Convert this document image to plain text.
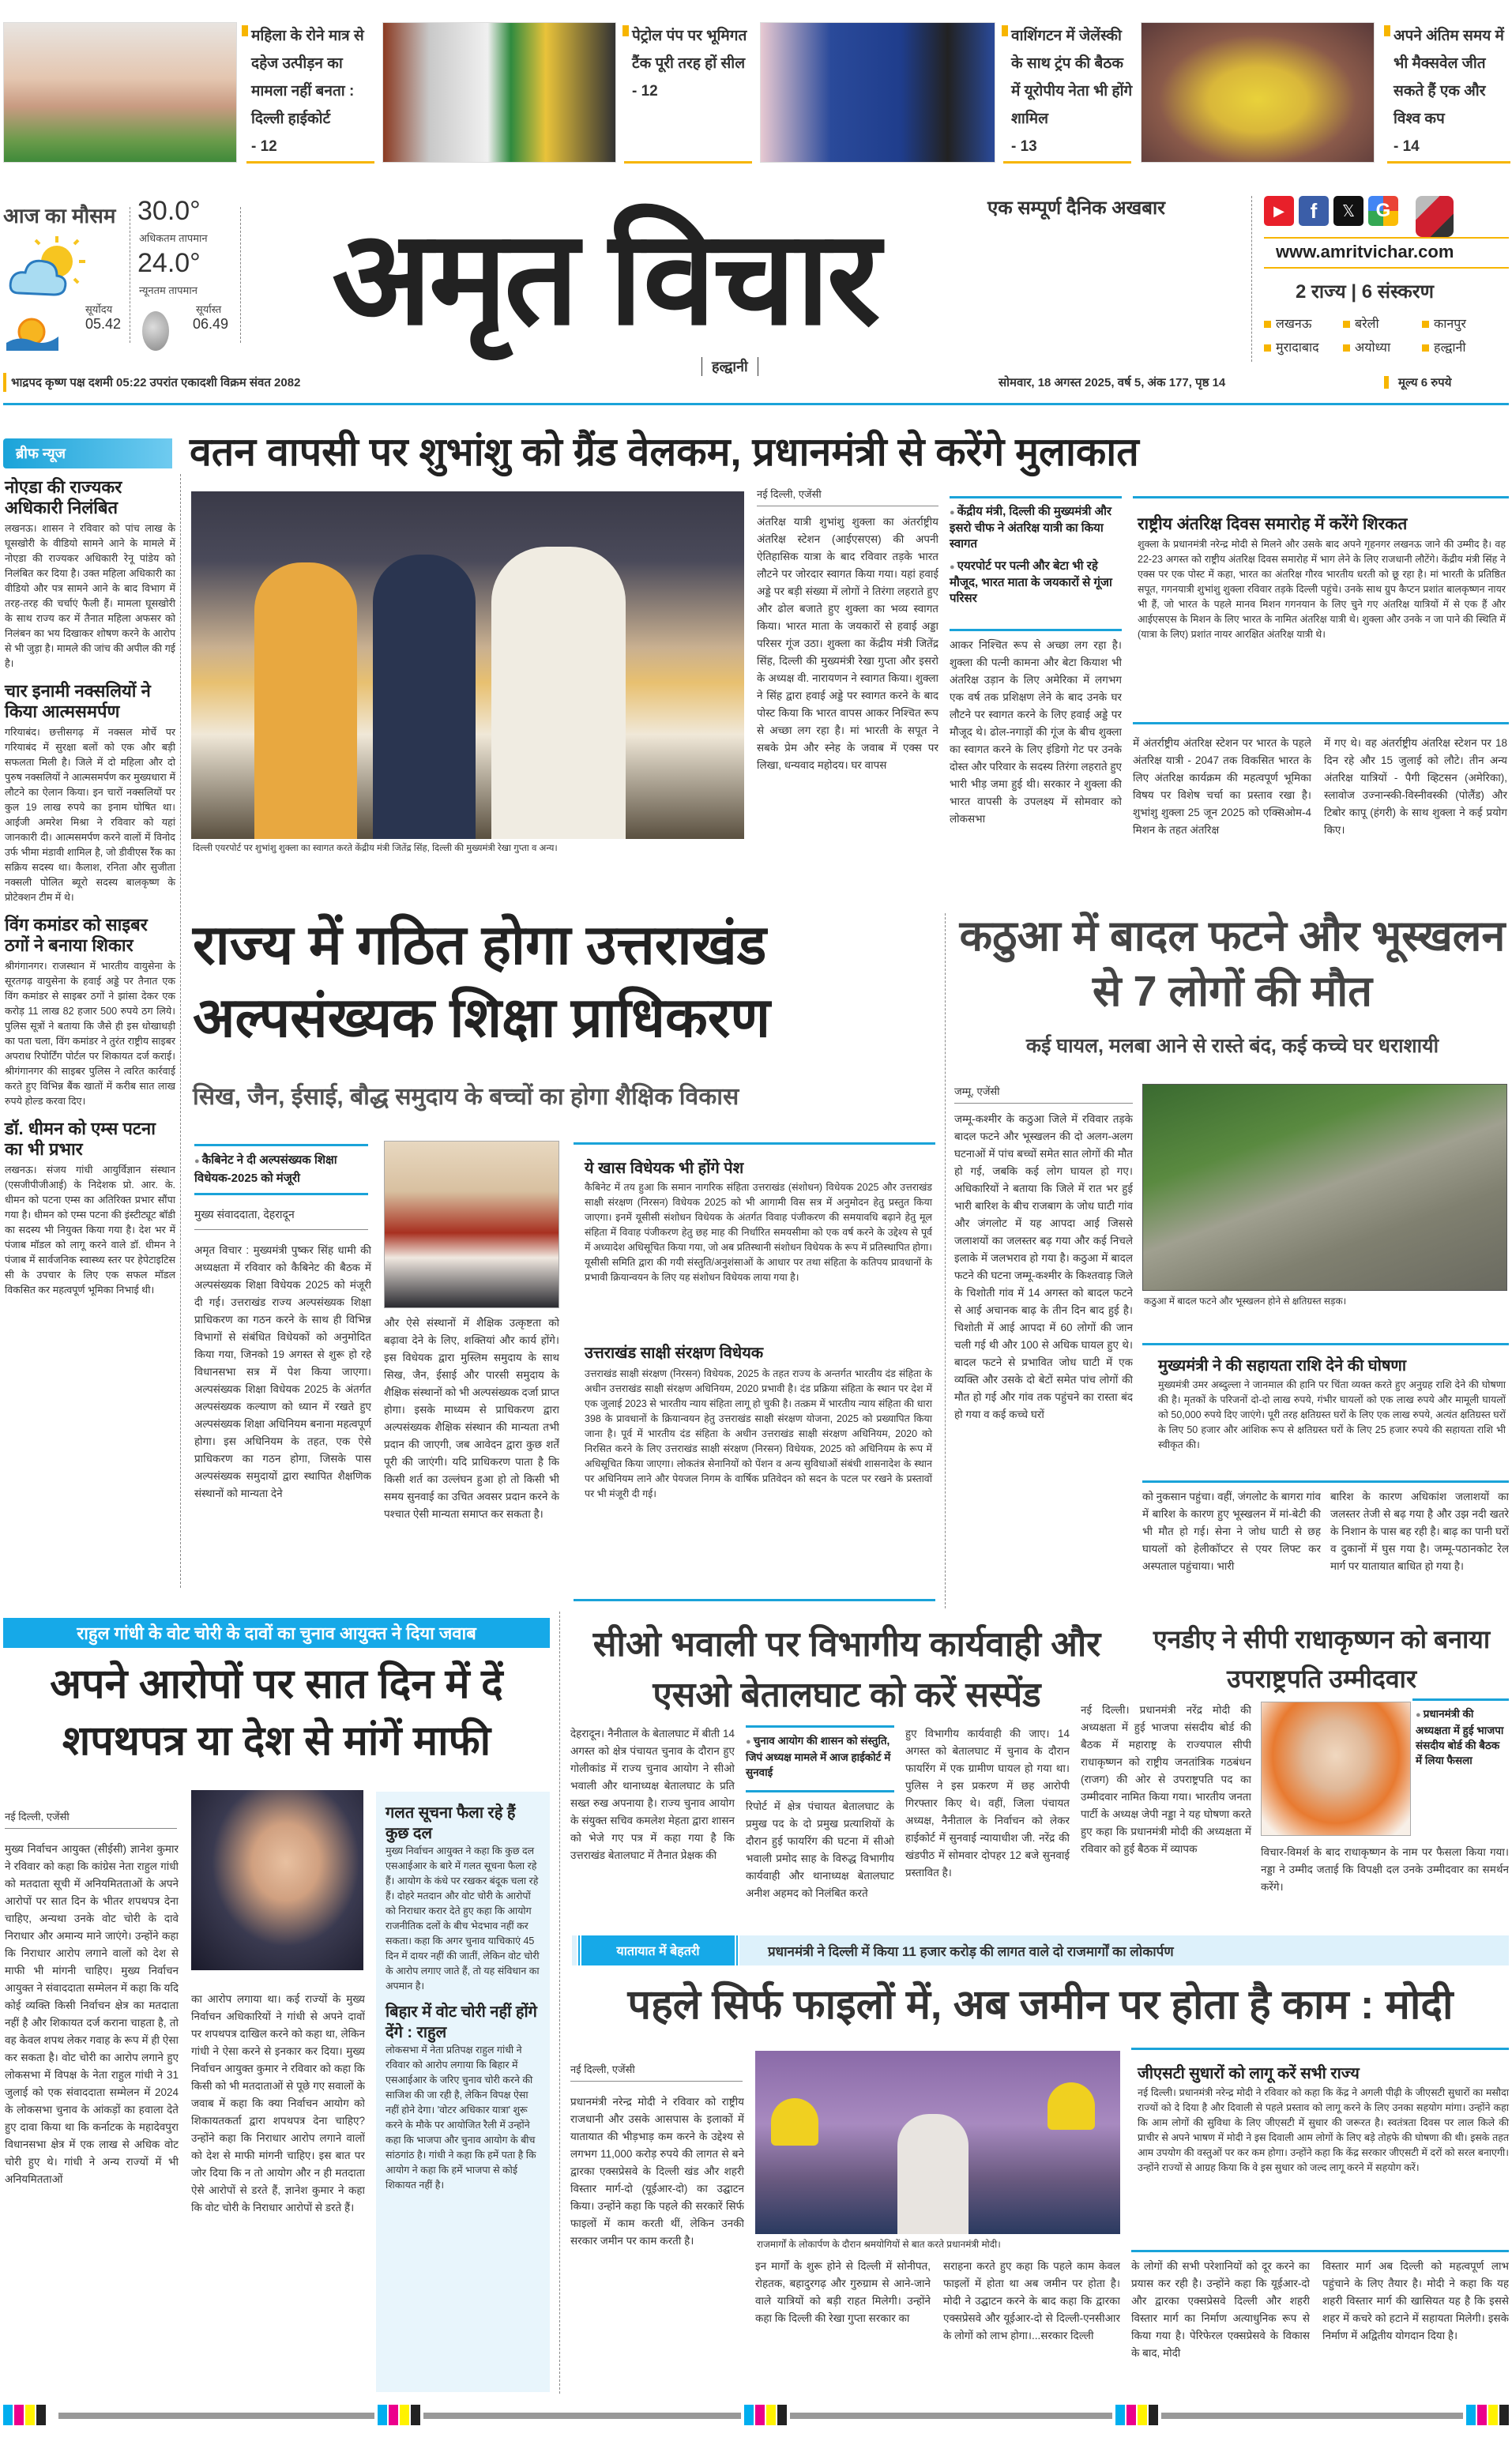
महिला के रोने मात्र से दहेज उत्पीड़न का मामला नहीं बनता : दिल्ली हाईकोर्ट
- 12
पेट्रोल पंप पर भूमिगत टैंक पूरी तरह हों सील
- 12
वाशिंगटन में जेलेंस्की के साथ ट्रंप की बैठक में यूरोपीय नेता भी होंगे शामिल
- 13
अपने अंतिम समय में भी मैक्सवेल जीत सकते हैं एक और विश्व कप
- 14
आज का मौसम 30.0°
अधिकतम तापमान
24.0°
न्यूनतम तापमान
सूर्योदय
05.42
सूर्यास्त
06.49
एक सम्पूर्ण दैनिक अखबार
अमृत विचार
हल्द्वानी
▶	f	𝕏	G
www.amritvichar.com
2 राज्य | 6 संस्करण
लखनऊ	बरेली	कानपुर
मुरादाबाद	अयोध्या	हल्द्वानी
भाद्रपद कृष्ण पक्ष दशमी 05:22 उपरांत एकादशी विक्रम संवत 2082	सोमवार, 18 अगस्त 2025, वर्ष 5, अंक 177, पृष्ठ 14	मूल्य 6 रुपये
ब्रीफ न्यूज
नोएडा की राज्यकर अधिकारी निलंबित
लखनऊ। शासन ने रविवार को पांच लाख के घूसखोरी के वीडियो सामने आने के मामले में नोएडा की राज्यकर अधिकारी रेनू पांडेय को निलंबित कर दिया है। उक्त महिला अधिकारी का वीडियो और पत्र सामने आने के बाद विभाग में तरह-तरह की चर्चाएं फैली हैं। मामला घूसखोरी के साथ राज्य कर में तैनात महिला अफसर को निलंबन का भय दिखाकर शोषण करने के आरोप से भी जुड़ा है। मामले की जांच की अपील की गई है।
चार इनामी नक्सलियों ने किया आत्मसमर्पण
गरियाबंद। छत्तीसगढ़ में नक्सल मोर्चे पर गरियाबंद में सुरक्षा बलों को एक और बड़ी सफलता मिली है। जिले में दो महिला और दो पुरुष नक्सलियों ने आत्मसमर्पण कर मुख्यधारा में लौटने का ऐलान किया। इन चारों नक्सलियों पर कुल 19 लाख रुपये का इनाम घोषित था। आईजी अमरेश मिश्रा ने रविवार को यहां जानकारी दी। आत्मसमर्पण करने वालों में विनोद उर्फ भीमा मंडावी शामिल है, जो डीवीएस रैंक का सक्रिय सदस्य था। कैलाश, रनिता और सुजीता नक्सली पोलित ब्यूरो सदस्य बालकृष्ण के प्रोटेक्शन टीम में थे।
विंग कमांडर को साइबर ठगों ने बनाया शिकार
श्रीगंगानगर। राजस्थान में भारतीय वायुसेना के सूरतगढ़ वायुसेना के हवाई अड्डे पर तैनात एक विंग कमांडर से साइबर ठगों ने झांसा देकर एक करोड़ 11 लाख 82 हजार 500 रुपये ठग लिये। पुलिस सूत्रों ने बताया कि जैसे ही इस धोखाधड़ी का पता चला, विंग कमांडर ने तुरंत राष्ट्रीय साइबर अपराध रिपोर्टिंग पोर्टल पर शिकायत दर्ज कराई। श्रीगंगानगर की साइबर पुलिस ने त्वरित कार्रवाई करते हुए विभिन्न बैंक खातों में करीब सात लाख रुपये होल्ड करवा दिए।
डॉ. धीमन को एम्स पटना का भी प्रभार
लखनऊ। संजय गांधी आयुर्विज्ञान संस्थान (एसजीपीजीआई) के निदेशक प्रो. आर. के. धीमन को पटना एम्स का अतिरिक्त प्रभार सौंपा गया है। धीमन को एम्स पटना की इंस्टीट्यूट बॉडी का सदस्य भी नियुक्त किया गया है। देश भर में पंजाब मॉडल को लागू करने वाले डॉ. धीमन ने पंजाब में सार्वजनिक स्वास्थ्य स्तर पर हेपेटाइटिस सी के उपचार के लिए एक सफल मॉडल विकसित कर महत्वपूर्ण भूमिका निभाई थी।
वतन वापसी पर शुभांशु को ग्रैंड वेलकम, प्रधानमंत्री से करेंगे मुलाकात
दिल्ली एयरपोर्ट पर शुभांशु शुक्ला का स्वागत करते केंद्रीय मंत्री जितेंद्र सिंह, दिल्ली की मुख्यमंत्री रेखा गुप्ता व अन्य।
नई दिल्ली, एजेंसी
अंतरिक्ष यात्री शुभांशु शुक्ला का अंतर्राष्ट्रीय अंतरिक्ष स्टेशन (आईएसएस) की अपनी ऐतिहासिक यात्रा के बाद रविवार तड़के भारत लौटने पर जोरदार स्वागत किया गया। यहां हवाई अड्डे पर बड़ी संख्या में लोगों ने तिरंगा लहराते हुए और ढोल बजाते हुए शुक्ला का भव्य स्वागत किया। भारत माता के जयकारों से हवाई अड्डा परिसर गूंज उठा। शुक्ला का केंद्रीय मंत्री जितेंद्र सिंह, दिल्ली की मुख्यमंत्री रेखा गुप्ता और इसरो के अध्यक्ष वी. नारायणन ने स्वागत किया। शुक्ला ने सिंह द्वारा हवाई अड्डे पर स्वागत करने के बाद पोस्ट किया कि भारत वापस आकर निश्चित रूप से अच्छा लग रहा है। मां भारती के सपूत ने सबके प्रेम और स्नेह के जवाब में एक्स पर लिखा, धन्यवाद महोदय। घर वापस
● केंद्रीय मंत्री, दिल्ली की मुख्यमंत्री और इसरो चीफ ने अंतरिक्ष यात्री का किया स्वागत
● एयरपोर्ट पर पत्नी और बेटा भी रहे मौजूद, भारत माता के जयकारों से गूंजा परिसर
आकर निश्चित रूप से अच्छा लग रहा है। शुक्ला की पत्नी कामना और बेटा कियाश भी अंतरिक्ष उड़ान के लिए अमेरिका में लगभग एक वर्ष तक प्रशिक्षण लेने के बाद उनके घर लौटने पर स्वागत करने के लिए हवाई अड्डे पर मौजूद थे। ढोल-नगाड़ों की गूंज के बीच शुक्ला का स्वागत करने के लिए इंडिगो गेट पर उनके दोस्त और परिवार के सदस्य तिरंगा लहराते हुए भारी भीड़ जमा हुई थी। सरकार ने शुक्ला की भारत वापसी के उपलक्ष्य में सोमवार को लोकसभा
राष्ट्रीय अंतरिक्ष दिवस समारोह में करेंगे शिरकत
शुक्ला के प्रधानमंत्री नरेन्द्र मोदी से मिलने और उसके बाद अपने गृहनगर लखनऊ जाने की उम्मीद है। वह 22-23 अगस्त को राष्ट्रीय अंतरिक्ष दिवस समारोह में भाग लेने के लिए राजधानी लौटेंगे। केंद्रीय मंत्री सिंह ने एक्स पर एक पोस्ट में कहा, भारत का अंतरिक्ष गौरव भारतीय धरती को छू रहा है। मां भारती के प्रतिष्ठित सपूत, गगनयात्री शुभांशु शुक्ला रविवार तड़के दिल्ली पहुंचे। उनके साथ ग्रुप कैप्टन प्रशांत बालकृष्णन नायर भी हैं, जो भारत के पहले मानव मिशन गगनयान के लिए चुने गए अंतरिक्ष यात्रियों में से एक हैं और आईएसएस के मिशन के लिए भारत के नामित अंतरिक्ष यात्री थे। शुक्ला और उनके न जा पाने की स्थिति में (यात्रा के लिए) प्रशांत नायर आरक्षित अंतरिक्ष यात्री थे।
में अंतर्राष्ट्रीय अंतरिक्ष स्टेशन पर भारत के पहले अंतरिक्ष यात्री - 2047 तक विकसित भारत के लिए अंतरिक्ष कार्यक्रम की महत्वपूर्ण भूमिका विषय पर विशेष चर्चा का प्रस्ताव रखा है। शुभांशु शुक्ला 25 जून 2025 को एक्सिओम-4 मिशन के तहत अंतरिक्ष
में गए थे। वह अंतर्राष्ट्रीय अंतरिक्ष स्टेशन पर 18 दिन रहे और 15 जुलाई को लौटे। तीन अन्य अंतरिक्ष यात्रियों - पैगी व्हिटसन (अमेरिका), स्लावोज उज्नान्स्की-विस्नीवस्की (पोलैंड) और टिबोर कापू (हंगरी) के साथ शुक्ला ने कई प्रयोग किए।
राज्य में गठित होगा उत्तराखंड
अल्पसंख्यक शिक्षा प्राधिकरण
सिख, जैन, ईसाई, बौद्ध समुदाय के बच्चों का होगा शैक्षिक विकास
● कैबिनेट ने दी अल्पसंख्यक शिक्षा विधेयक-2025 को मंजूरी
मुख्य संवाददाता, देहरादून
अमृत विचार : मुख्यमंत्री पुष्कर सिंह धामी की अध्यक्षता में रविवार को कैबिनेट की बैठक में अल्पसंख्यक शिक्षा विधेयक 2025 को मंजूरी दी गई। उत्तराखंड राज्य अल्पसंख्यक शिक्षा प्राधिकरण का गठन करने के साथ ही विभिन्न विभागों से संबंधित विधेयकों को अनुमोदित किया गया, जिनको 19 अगस्त से शुरू हो रहे विधानसभा सत्र में पेश किया जाएगा। अल्पसंख्यक शिक्षा विधेयक 2025 के अंतर्गत अल्पसंख्यक कल्याण को ध्यान में रखते हुए अल्पसंख्यक शिक्षा अधिनियम बनाना महत्वपूर्ण होगा। इस अधिनियम के तहत, एक ऐसे प्राधिकरण का गठन होगा, जिसके पास अल्पसंख्यक समुदायों द्वारा स्थापित शैक्षणिक संस्थानों को मान्यता देने
और ऐसे संस्थानों में शैक्षिक उत्कृष्टता को बढ़ावा देने के लिए, शक्तियां और कार्य होंगे। इस विधेयक द्वारा मुस्लिम समुदाय के साथ सिख, जैन, ईसाई और पारसी समुदाय के शैक्षिक संस्थानों को भी अल्पसंख्यक दर्जा प्राप्त होगा। इसके माध्यम से प्राधिकरण द्वारा अल्पसंख्यक शैक्षिक संस्थान की मान्यता तभी प्रदान की जाएगी, जब आवेदन द्वारा कुछ शर्तें पूरी की जाएंगी। यदि प्राधिकरण पाता है कि किसी शर्त का उल्लंघन हुआ हो तो किसी भी समय सुनवाई का उचित अवसर प्रदान करने के पश्चात ऐसी मान्यता समाप्त कर सकता है।
ये खास विधेयक भी होंगे पेश
कैबिनेट में तय हुआ कि समान नागरिक संहिता उत्तराखंड (संशोधन) विधेयक 2025 और उत्तराखंड साक्षी संरक्षण (निरसन) विधेयक 2025 को भी आगामी विस सत्र में अनुमोदन हेतु प्रस्तुत किया जाएगा। इनमें यूसीसी संशोधन विधेयक के अंतर्गत विवाह पंजीकरण की समयावधि बढ़ाने हेतु मूल संहिता में विवाह पंजीकरण हेतु छह माह की निर्धारित समयसीमा को एक वर्ष करने के उद्देश्य से पूर्व में अध्यादेश अधिसूचित किया गया, जो अब प्रतिस्थानी संशोधन विधेयक के रूप में प्रतिस्थापित होगा। यूसीसी समिति द्वारा की गयी संस्तुति/अनुशंसाओं के आधार पर तथा संहिता के कतिपय प्रावधानों के प्रभावी क्रियान्वयन के लिए यह संशोधन विधेयक लाया गया है।
उत्तराखंड साक्षी संरक्षण विधेयक
उत्तराखंड साक्षी संरक्षण (निरसन) विधेयक, 2025 के तहत राज्य के अन्तर्गत भारतीय दंड संहिता के अधीन उत्तराखंड साक्षी संरक्षण अधिनियम, 2020 प्रभावी है। दंड प्रक्रिया संहिता के स्थान पर देश में एक जुलाई 2023 से भारतीय न्याय संहिता लागू हो चुकी है। तत्क्रम में भारतीय न्याय संहिता की धारा 398 के प्रावधानों के क्रियान्वयन हेतु उत्तराखंड साक्षी संरक्षण योजना, 2025 को प्रख्यापित किया जाना है। पूर्व में भारतीय दंड संहिता के अधीन उत्तराखंड साक्षी संरक्षण अधिनियम, 2020 को निरसित करने के लिए उत्तराखंड साक्षी संरक्षण (निरसन) विधेयक, 2025 को अधिनियम के रूप में अधिसूचित किया जाएगा। लोकतंत्र सेनानियों को पेंशन व अन्य सुविधाओं संबंधी शासनादेश के स्थान पर अधिनियम लाने और पेयजल निगम के वार्षिक प्रतिवेदन को सदन के पटल पर रखने के प्रस्तावों पर भी मंजूरी दी गई।
कठुआ में बादल फटने और भूस्खलन से 7 लोगों की मौत
कई घायल, मलबा आने से रास्ते बंद, कई कच्चे घर धराशायी
जम्मू, एजेंसी
जम्मू-कश्मीर के कठुआ जिले में रविवार तड़के बादल फटने और भूस्खलन की दो अलग-अलग घटनाओं में पांच बच्चों समेत सात लोगों की मौत हो गई, जबकि कई लोग घायल हो गए। अधिकारियों ने बताया कि जिले में रात भर हुई भारी बारिश के बीच राजबाग के जोध घाटी गांव और जंगलोट में यह आपदा आई जिससे जलाशयों का जलस्तर बढ़ गया और कई निचले इलाके में जलभराव हो गया है। कठुआ में बादल फटने की घटना जम्मू-कश्मीर के किश्तवाड़ जिले के चिशोती गांव में 14 अगस्त को बादल फटने से आई अचानक बाढ़ के तीन दिन बाद हुई है। चिशोती में आई आपदा में 60 लोगों की जान चली गई थी और 100 से अधिक घायल हुए थे। बादल फटने से प्रभावित जोध घाटी में एक व्यक्ति और उसके दो बेटों समेत पांच लोगों की मौत हो गई और गांव तक पहुंचने का रास्ता बंद हो गया व कई कच्चे घरों
कठुआ में बादल फटने और भूस्खलन होने से क्षतिग्रस्त सड़क।
मुख्यमंत्री ने की सहायता राशि देने की घोषणा
मुख्यमंत्री उमर अब्दुल्ला ने जानमाल की हानि पर चिंता व्यक्त करते हुए अनुग्रह राशि देने की घोषणा की है। मृतकों के परिजनों दो-दो लाख रुपये, गंभीर घायलों को एक लाख रुपये और मामूली घायलों को 50,000 रुपये दिए जाएंगे। पूरी तरह क्षतिग्रस्त घरों के लिए एक लाख रुपये, अत्यंत क्षतिग्रस्त घरों के लिए 50 हजार और आंशिक रूप से क्षतिग्रस्त घरों के लिए 25 हजार रुपये की सहायता राशि भी स्वीकृत की।
को नुकसान पहुंचा। वहीं, जंगलोट के बागरा गांव में बारिश के कारण हुए भूस्खलन में मां-बेटी की भी मौत हो गई। सेना ने जोध घाटी से छह घायलों को हेलीकॉप्टर से एयर लिफ्ट कर अस्पताल पहुंचाया। भारी
बारिश के कारण अधिकांश जलाशयों का जलस्तर तेजी से बढ़ गया है और उझ नदी खतरे के निशान के पास बह रही है। बाढ़ का पानी घरों व दुकानों में घुस गया है। जम्मू-पठानकोट रेल मार्ग पर यातायात बाधित हो गया है।
राहुल गांधी के वोट चोरी के दावों का चुनाव आयुक्त ने दिया जवाब
अपने आरोपों पर सात दिन में दें शपथपत्र या देश से मांगें माफी
नई दिल्ली, एजेंसी
मुख्य निर्वाचन आयुक्त (सीईसी) ज्ञानेश कुमार ने रविवार को कहा कि कांग्रेस नेता राहुल गांधी को मतदाता सूची में अनियमितताओं के अपने आरोपों पर सात दिन के भीतर शपथपत्र देना चाहिए, अन्यथा उनके वोट चोरी के दावे निराधार और अमान्य माने जाएंगे। उन्होंने कहा कि निराधार आरोप लगाने वालों को देश से माफी भी मांगनी चाहिए। मुख्य निर्वाचन आयुक्त ने संवाददाता सम्मेलन में कहा कि यदि कोई व्यक्ति किसी निर्वाचन क्षेत्र का मतदाता नहीं है और शिकायत दर्ज कराना चाहता है, तो वह केवल शपथ लेकर गवाह के रूप में ही ऐसा कर सकता है। वोट चोरी का आरोप लगाने हुए लोकसभा में विपक्ष के नेता राहुल गांधी ने 31 जुलाई को एक संवाददाता सम्मेलन में 2024 के लोकसभा चुनाव के आंकड़ों का हवाला देते हुए दावा किया था कि कर्नाटक के महादेवपुरा विधानसभा क्षेत्र में एक लाख से अधिक वोट चोरी हुए थे। गांधी ने अन्य राज्यों में भी अनियमितताओं
का आरोप लगाया था। कई राज्यों के मुख्य निर्वाचन अधिकारियों ने गांधी से अपने दावों पर शपथपत्र दाखिल करने को कहा था, लेकिन गांधी ने ऐसा करने से इनकार कर दिया। मुख्य निर्वाचन आयुक्त कुमार ने रविवार को कहा कि किसी को भी मतदाताओं से पूछे गए सवालों के जवाब में कहा कि क्या निर्वाचन आयोग को शिकायतकर्ता द्वारा शपथपत्र देना चाहिए? उन्होंने कहा कि निराधार आरोप लगाने वालों को देश से माफी मांगनी चाहिए। इस बात पर जोर दिया कि न तो आयोग और न ही मतदाता ऐसे आरोपों से डरते हैं, ज्ञानेश कुमार ने कहा कि वोट चोरी के निराधार आरोपों से डरते हैं।
गलत सूचना फैला रहे हैं कुछ दल
मुख्य निर्वाचन आयुक्त ने कहा कि कुछ दल एसआईआर के बारे में गलत सूचना फैला रहे हैं। आयोग के कंधे पर रखकर बंदूक चला रहे हैं। दोहरे मतदान और वोट चोरी के आरोपों को निराधार करार देते हुए कहा कि आयोग राजनीतिक दलों के बीच भेदभाव नहीं कर सकता। कहा कि अगर चुनाव याचिकाएं 45 दिन में दायर नहीं की जातीं, लेकिन वोट चोरी के आरोप लगाए जाते हैं, तो यह संविधान का अपमान है।
बिहार में वोट चोरी नहीं होंगे देंगे : राहुल
लोकसभा में नेता प्रतिपक्ष राहुल गांधी ने रविवार को आरोप लगाया कि बिहार में एसआईआर के जरिए चुनाव चोरी करने की साजिश की जा रही है, लेकिन विपक्ष ऐसा नहीं होने देगा। 'वोटर अधिकार यात्रा' शुरू करने के मौके पर आयोजित रैली में उन्होंने कहा कि भाजपा और चुनाव आयोग के बीच सांठगांठ है। गांधी ने कहा कि हमें पता है कि आयोग ने कहा कि हमें भाजपा से कोई शिकायत नहीं है।
सीओ भवाली पर विभागीय कार्यवाही और एसओ बेतालघाट को करें सस्पेंड
देहरादून। नैनीताल के बेतालघाट में बीती 14 अगस्त को क्षेत्र पंचायत चुनाव के दौरान हुए गोलीकांड में राज्य चुनाव आयोग ने सीओ भवाली और थानाध्यक्ष बेतालघाट के प्रति सख्त रुख अपनाया है। राज्य चुनाव आयोग के संयुक्त सचिव कमलेश मेहता द्वारा शासन को भेजे गए पत्र में कहा गया है कि उत्तराखंड बेतालघाट में तैनात प्रेक्षक की
● चुनाव आयोग की शासन को संस्तुति, जिपं अध्यक्ष मामले में आज हाईकोर्ट में सुनवाई
रिपोर्ट में क्षेत्र पंचायत बेतालघाट के प्रमुख पद के दो प्रमुख प्रत्याशियों के दौरान हुई फायरिंग की घटना में सीओ भवाली प्रमोद साह के विरुद्ध विभागीय कार्यवाही और थानाध्यक्ष बेतालघाट अनीश अहमद को निलंबित करते
हुए विभागीय कार्यवाही की जाए। 14 अगस्त को बेतालघाट में चुनाव के दौरान फायरिंग में एक ग्रामीण घायल हो गया था। पुलिस ने इस प्रकरण में छह आरोपी गिरफ्तार किए थे। वहीं, जिला पंचायत अध्यक्ष, नैनीताल के निर्वाचन को लेकर हाईकोर्ट में सुनवाई न्यायाधीश जी. नरेंद्र की खंडपीठ में सोमवार दोपहर 12 बजे सुनवाई प्रस्तावित है।
एनडीए ने सीपी राधाकृष्णन को बनाया उपराष्ट्रपति उम्मीदवार
नई दिल्ली। प्रधानमंत्री नरेंद्र मोदी की अध्यक्षता में हुई भाजपा संसदीय बोर्ड की बैठक में महाराष्ट्र के राज्यपाल सीपी राधाकृष्णन को राष्ट्रीय जनतांत्रिक गठबंधन (राजग) की ओर से उपराष्ट्रपति पद का उम्मीदवार नामित किया गया। भारतीय जनता पार्टी के अध्यक्ष जेपी नड्डा ने यह घोषणा करते हुए कहा कि प्रधानमंत्री मोदी की अध्यक्षता में रविवार को हुई बैठक में व्यापक
● प्रधानमंत्री की अध्यक्षता में हुई भाजपा संसदीय बोर्ड की बैठक में लिया फैसला
विचार-विमर्श के बाद राधाकृष्णन के नाम पर फैसला किया गया। नड्डा ने उम्मीद जताई कि विपक्षी दल उनके उम्मीदवार का समर्थन करेंगे।
यातायात में बेहतरी	प्रधानमंत्री ने दिल्ली में किया 11 हजार करोड़ की लागत वाले दो राजमार्गों का लोकार्पण
पहले सिर्फ फाइलों में, अब जमीन पर होता है काम : मोदी
नई दिल्ली, एजेंसी
प्रधानमंत्री नरेन्द्र मोदी ने रविवार को राष्ट्रीय राजधानी और उसके आसपास के इलाकों में यातायात की भीड़भाड़ कम करने के उद्देश्य से लगभग 11,000 करोड़ रुपये की लागत से बने द्वारका एक्सप्रेसवे के दिल्ली खंड और शहरी विस्तार मार्ग-दो (यूईआर-दो) का उद्घाटन किया। उन्होंने कहा कि पहले की सरकारें सिर्फ फाइलों में काम करती थीं, लेकिन उनकी सरकार जमीन पर काम करती है।	राजमार्गों के लोकार्पण के दौरान श्रमयोगियों से बात करते प्रधानमंत्री मोदी।
इन मार्गों के शुरू होने से दिल्ली में सोनीपत, रोहतक, बहादुरगढ़ और गुरुग्राम से आने-जाने वाले यात्रियों को बड़ी राहत मिलेगी। उन्होंने कहा कि दिल्ली की रेखा गुप्ता सरकार का
सराहना करते हुए कहा कि पहले काम केवल फाइलों में होता था अब जमीन पर होता है। मोदी ने उद्घाटन करने के बाद कहा कि द्वारका एक्सप्रेसवे और यूईआर-दो से दिल्ली-एनसीआर के लोगों को लाभ होगा।...सरकार दिल्ली
जीएसटी सुधारों को लागू करें सभी राज्य
नई दिल्ली। प्रधानमंत्री नरेन्द्र मोदी ने रविवार को कहा कि केंद्र ने अगली पीढ़ी के जीएसटी सुधारों का मसौदा राज्यों को दे दिया है और दिवाली से पहले प्रस्ताव को लागू करने के लिए उनका सहयोग मांगा। उन्होंने कहा कि आम लोगों की सुविधा के लिए जीएसटी में सुधार की जरूरत है। स्वतंत्रता दिवस पर लाल किले की प्राचीर से अपने भाषण में मोदी ने इस दिवाली आम लोगों के लिए बड़े तोहफे की घोषणा की थी। इसके तहत आम उपयोग की वस्तुओं पर कर कम होगा। उन्होंने कहा कि केंद्र सरकार जीएसटी में दरों को सरल बनाएगी। उन्होंने राज्यों से आग्रह किया कि वे इस सुधार को जल्द लागू करने में सहयोग करें।
के लोगों की सभी परेशानियों को दूर करने का प्रयास कर रही है। उन्होंने कहा कि यूईआर-दो और द्वारका एक्सप्रेसवे दिल्ली और शहरी विस्तार मार्ग का निर्माण अत्याधुनिक रूप से किया गया है। पेरिफेरल एक्सप्रेसवे के विकास के बाद, मोदी
विस्तार मार्ग अब दिल्ली को महत्वपूर्ण लाभ पहुंचाने के लिए तैयार है। मोदी ने कहा कि यह शहरी विस्तार मार्ग की खासियत यह है कि इससे शहर में कचरे को हटाने में सहायता मिलेगी। इसके निर्माण में अद्वितीय योगदान दिया है।
